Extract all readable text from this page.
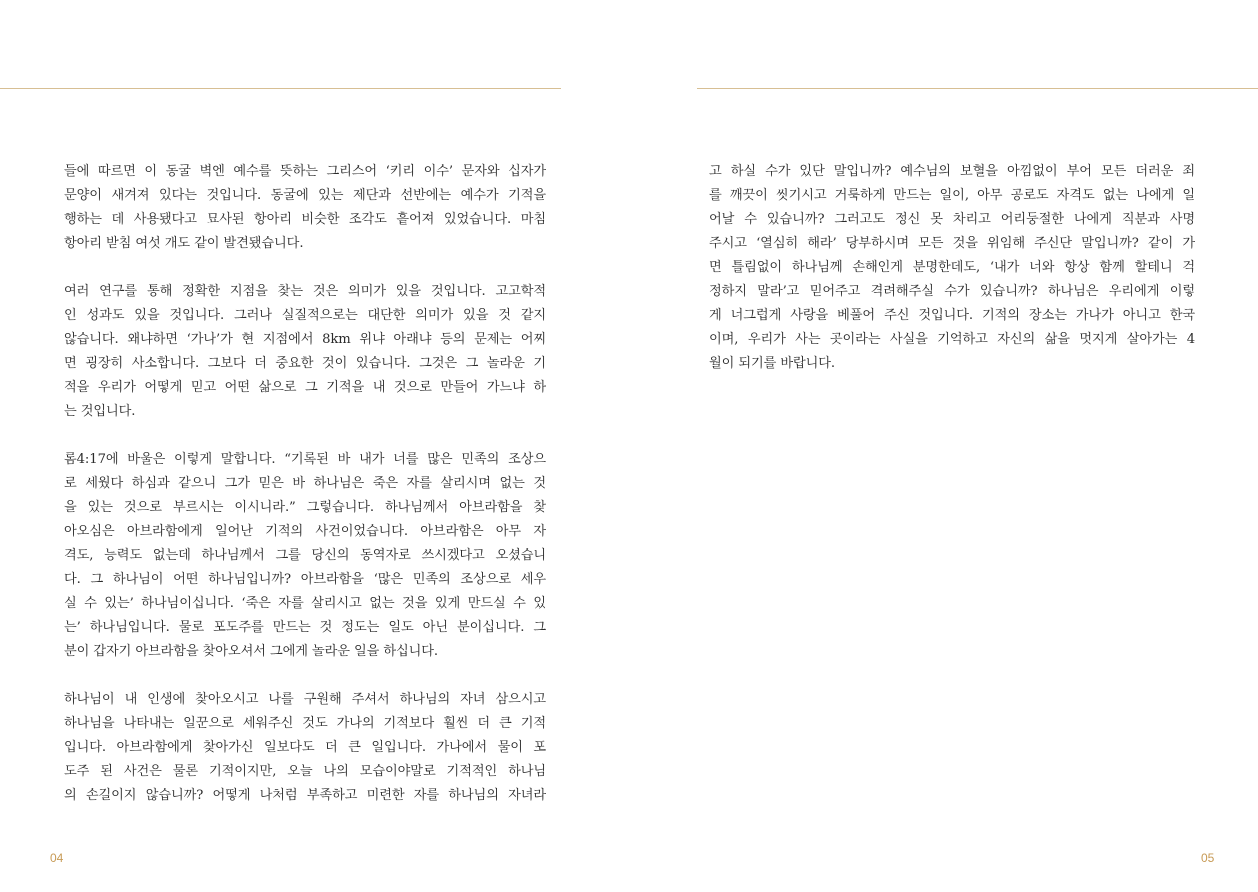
들에 따르면 이 동굴 벽엔 예수를 뜻하는 그리스어 ‘키리 이수’ 문자와 십자가
문양이 새겨져 있다는 것입니다. 동굴에 있는 제단과 선반에는 예수가 기적을
행하는 데 사용됐다고 묘사된 항아리 비슷한 조각도 흩어져 있었습니다. 마침
항아리 받침 여섯 개도 같이 발견됐습니다.
여러 연구를 통해 정확한 지점을 찾는 것은 의미가 있을 것입니다. 고고학적
인 성과도 있을 것입니다. 그러나 실질적으로는 대단한 의미가 있을 것 같지
않습니다. 왜냐하면 ‘가나’가 현 지점에서 8km 위냐 아래냐 등의 문제는 어찌
면 굉장히 사소합니다. 그보다 더 중요한 것이 있습니다. 그것은 그 놀라운 기
적을 우리가 어떻게 믿고 어떤 삶으로 그 기적을 내 것으로 만들어 가느냐 하
는 것입니다.
롬4:17에 바울은 이렇게 말합니다. “기록된 바 내가 너를 많은 민족의 조상으
로 세웠다 하심과 같으니 그가 믿은 바 하나님은 죽은 자를 살리시며 없는 것
을 있는 것으로 부르시는 이시니라.” 그렇습니다. 하나님께서 아브라함을 찾
아오심은 아브라함에게 일어난 기적의 사건이었습니다. 아브라함은 아무 자
격도, 능력도 없는데 하나님께서 그를 당신의 동역자로 쓰시겠다고 오셨습니
다. 그 하나님이 어떤 하나님입니까? 아브라함을 ‘많은 민족의 조상으로 세우
실 수 있는’ 하나님이십니다. ‘죽은 자를 살리시고 없는 것을 있게 만드실 수 있
는’ 하나님입니다. 물로 포도주를 만드는 것 정도는 일도 아닌 분이십니다. 그
분이 갑자기 아브라함을 찾아오셔서 그에게 놀라운 일을 하십니다.
하나님이 내 인생에 찾아오시고 나를 구원해 주셔서 하나님의 자녀 삼으시고
하나님을 나타내는 일꾼으로 세워주신 것도 가나의 기적보다 훨씬 더 큰 기적
입니다. 아브라함에게 찾아가신 일보다도 더 큰 일입니다. 가나에서 물이 포
도주 된 사건은 물론 기적이지만, 오늘 나의 모습이야말로 기적적인 하나님
의 손길이지 않습니까? 어떻게 나처럼 부족하고 미련한 자를 하나님의 자녀라
고 하실 수가 있단 말입니까? 예수님의 보혈을 아낌없이 부어 모든 더러운 죄
를 깨끗이 씻기시고 거룩하게 만드는 일이, 아무 공로도 자격도 없는 나에게 일
어날 수 있습니까? 그러고도 정신 못 차리고 어리둥절한 나에게 직분과 사명
주시고 ‘열심히 해라’ 당부하시며 모든 것을 위임해 주신단 말입니까? 같이 가
면 틀림없이 하나님께 손해인게 분명한데도, ‘내가 너와 항상 함께 할테니 걱
정하지 말라’고 믿어주고 격려해주실 수가 있습니까? 하나님은 우리에게 이렇
게 너그럽게 사랑을 베풀어 주신 것입니다. 기적의 장소는 가나가 아니고 한국
이며, 우리가 사는 곳이라는 사실을 기억하고 자신의 삶을 멋지게 살아가는 4
월이 되기를 바랍니다.
04	05
